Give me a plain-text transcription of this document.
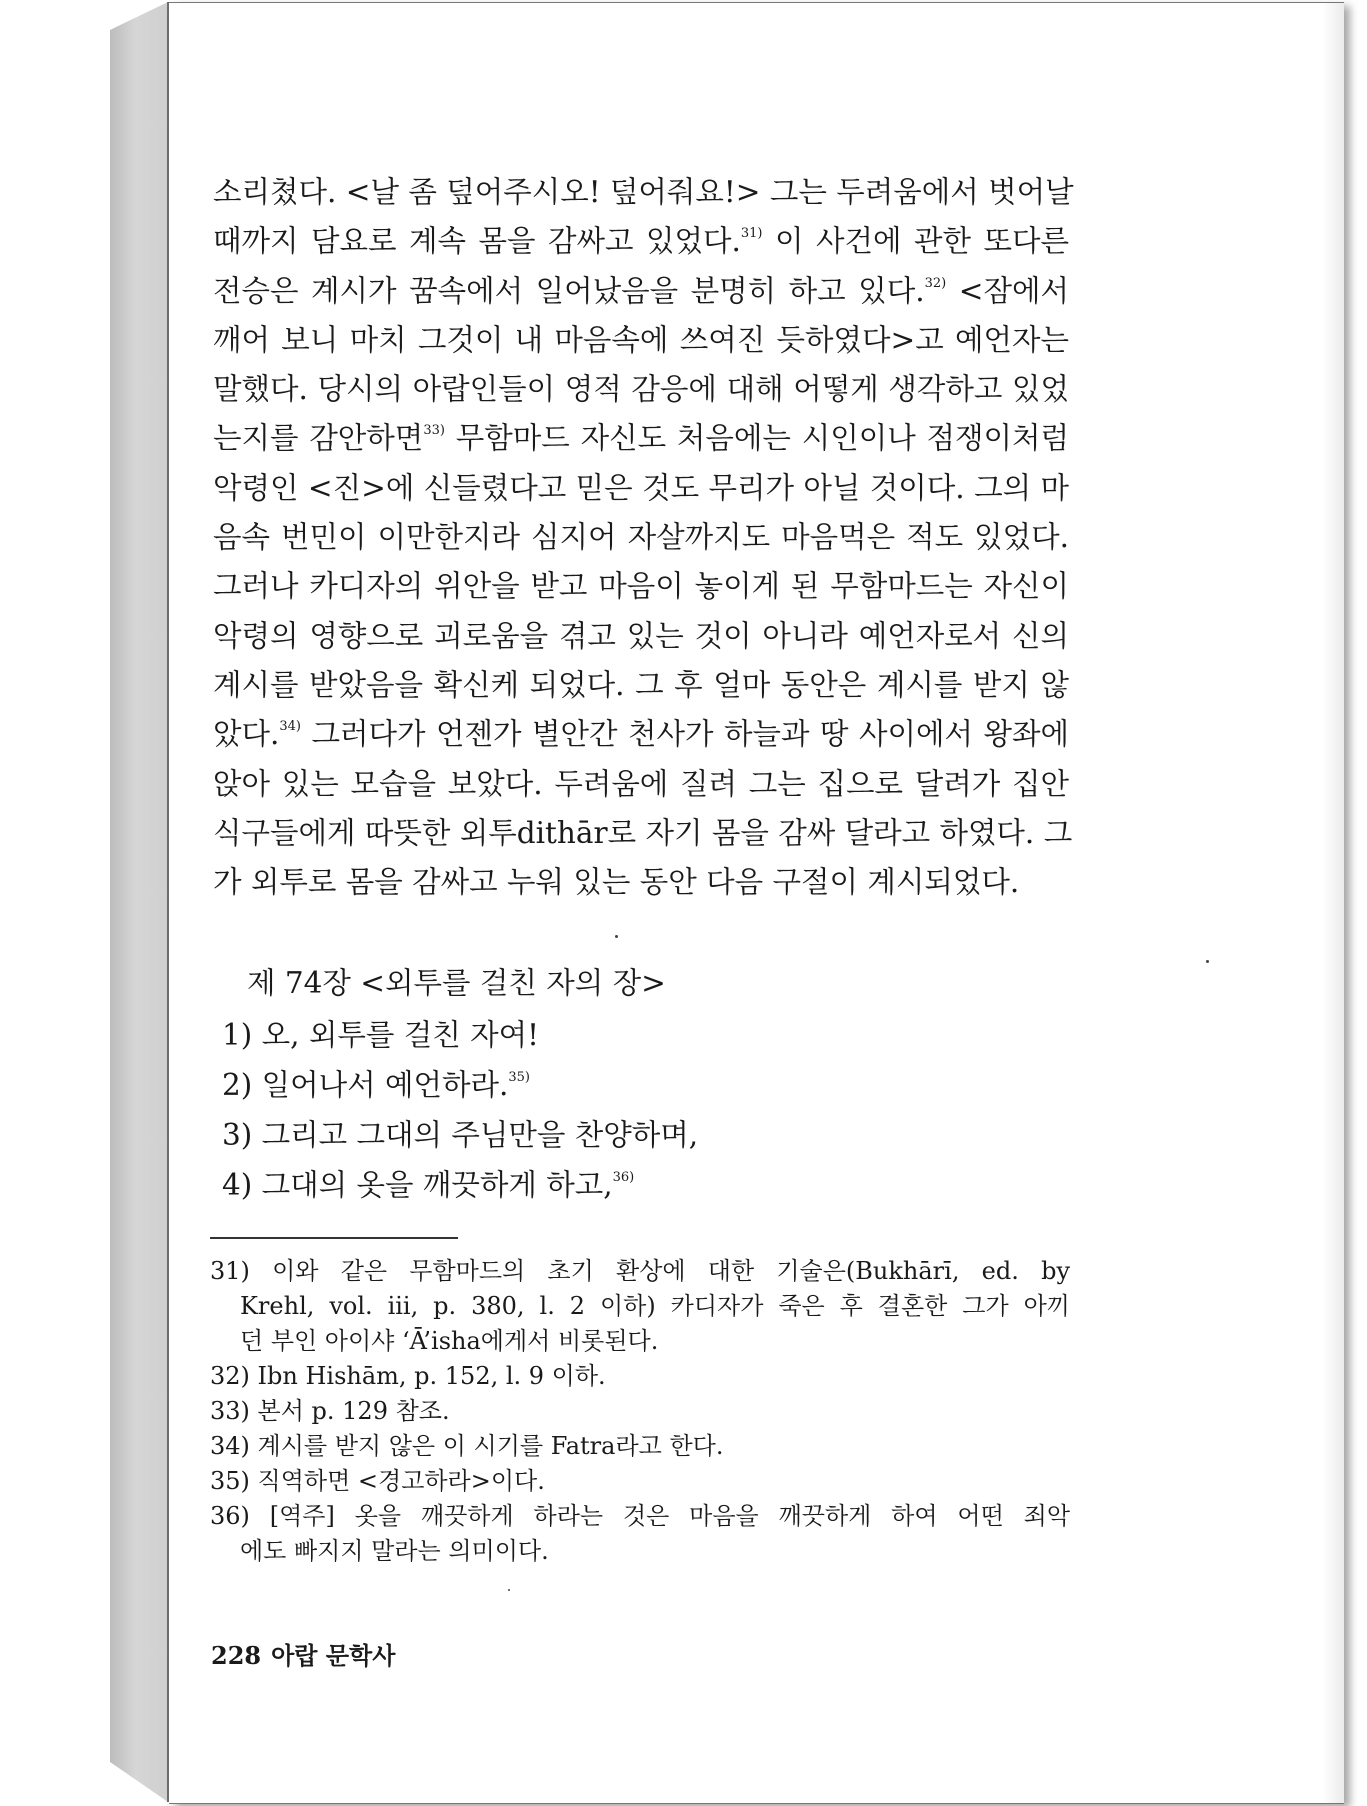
소리쳤다. <날 좀 덮어주시오! 덮어줘요!> 그는 두려움에서 벗어날
때까지 담요로 계속 몸을 감싸고 있었다.$^{31)}$ 이 사건에 관한 또다른
전승은 계시가 꿈속에서 일어났음을 분명히 하고 있다.$^{32)}$ <잠에서
깨어 보니 마치 그것이 내 마음속에 쓰여진 듯하였다>고 예언자는
말했다. 당시의 아랍인들이 영적 감응에 대해 어떻게 생각하고 있었
는지를 감안하면$^{33)}$ 무함마드 자신도 처음에는 시인이나 점쟁이처럼
악령인 <진>에 신들렸다고 믿은 것도 무리가 아닐 것이다. 그의 마
음속 번민이 이만한지라 심지어 자살까지도 마음먹은 적도 있었다.
그러나 카디자의 위안을 받고 마음이 놓이게 된 무함마드는 자신이
악령의 영향으로 괴로움을 겪고 있는 것이 아니라 예언자로서 신의
계시를 받았음을 확신케 되었다. 그 후 얼마 동안은 계시를 받지 않
았다.$^{34)}$ 그러다가 언젠가 별안간 천사가 하늘과 땅 사이에서 왕좌에
앉아 있는 모습을 보았다. 두려움에 질려 그는 집으로 달려가 집안
식구들에게 따뜻한 외투dithār로 자기 몸을 감싸 달라고 하였다. 그
가 외투로 몸을 감싸고 누워 있는 동안 다음 구절이 계시되었다.
제 74장 <외투를 걸친 자의 장>
1) 오, 외투를 걸친 자여!
2) 일어나서 예언하라.$^{35)}$
3) 그리고 그대의 주님만을 찬양하며,
4) 그대의 옷을 깨끗하게 하고,$^{36)}$
31) 이와 같은 무함마드의 초기 환상에 대한 기술은(Bukhārī, ed. by
Krehl, vol. iii, p. 380, l. 2 이하) 카디자가 죽은 후 결혼한 그가 아끼
던 부인 아이샤 ‘Ā’isha에게서 비롯된다.
32) Ibn Hishām, p. 152, l. 9 이하.
33) 본서 p. 129 참조.
34) 계시를 받지 않은 이 시기를 Fatra라고 한다.
35) 직역하면 <경고하라>이다.
36) [역주] 옷을 깨끗하게 하라는 것은 마음을 깨끗하게 하여 어떤 죄악
에도 빠지지 말라는 의미이다.
228 아랍 문학사
